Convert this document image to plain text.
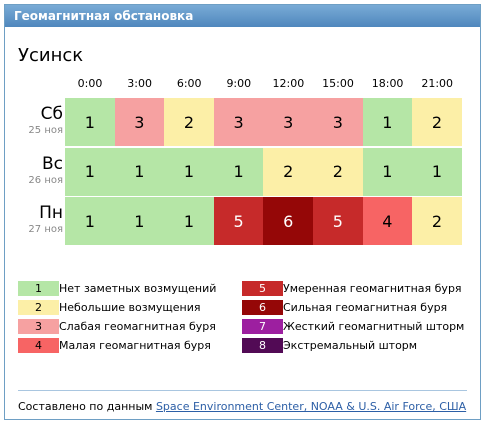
Геомагнитная обстановка
Усинск
0:00	3:00	6:00	9:00	12:00	15:00	18:00	21:00
Сб
25 ноя	1	3	2	3	3	3	1	2
Вс
26 ноя	1	1	1	1	2	2	1	1
Пн
27 ноя	1	1	1	5	6	5	4	2
1	Нет заметных возмущений
2	Небольшие возмущения
3	Слабая геомагнитная буря
4	Малая геомагнитная буря
5	Умеренная геомагнитная буря
6	Сильная геомагнитная буря
7	Жесткий геомагнитный шторм
8	Экстремальный шторм
Составлено по данным Space Environment Center, NOAA & U.S. Air Force, США
